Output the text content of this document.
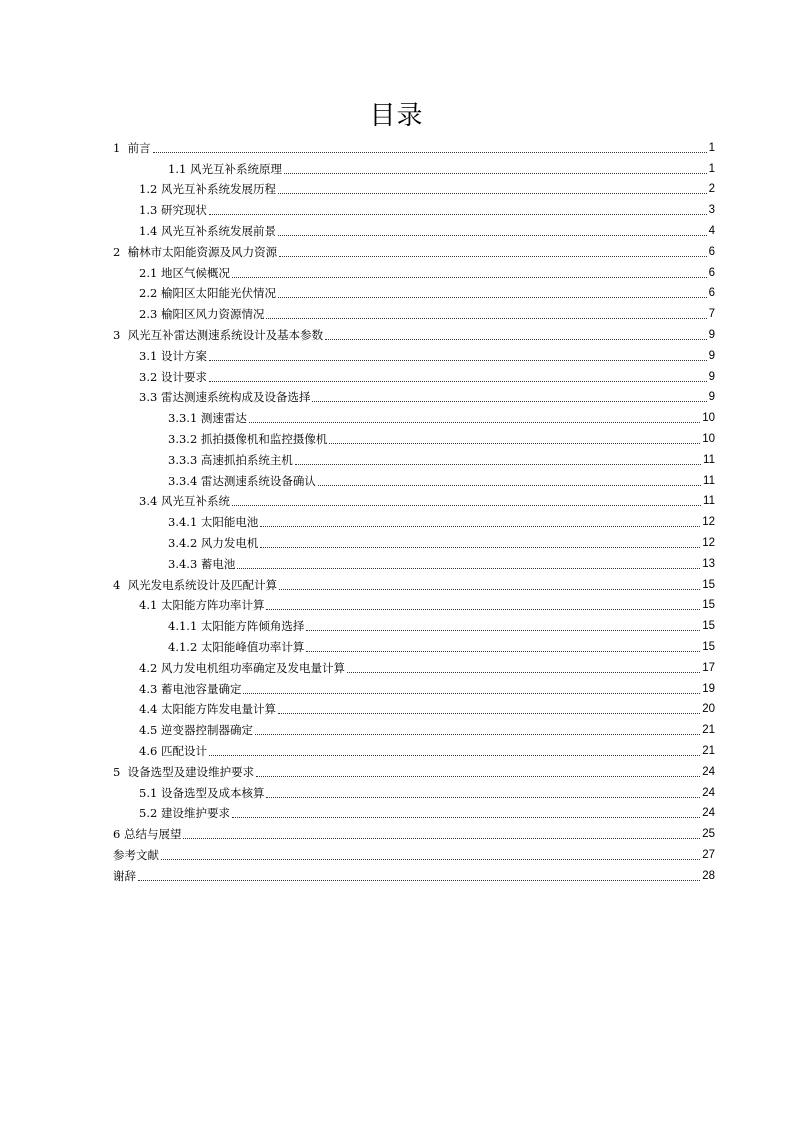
目录
1 前言	1
1.1 风光互补系统原理	1
1.2 风光互补系统发展历程	2
1.3 研究现状	3
1.4 风光互补系统发展前景	4
2 榆林市太阳能资源及风力资源	6
2.1 地区气候概况	6
2.2 榆阳区太阳能光伏情况	6
2.3 榆阳区风力资源情况	7
3 风光互补雷达测速系统设计及基本参数	9
3.1 设计方案	9
3.2 设计要求	9
3.3 雷达测速系统构成及设备选择	9
3.3.1 测速雷达	10
3.3.2 抓拍摄像机和监控摄像机	10
3.3.3 高速抓拍系统主机	11
3.3.4 雷达测速系统设备确认	11
3.4 风光互补系统	11
3.4.1 太阳能电池	12
3.4.2 风力发电机	12
3.4.3 蓄电池	13
4 风光发电系统设计及匹配计算	15
4.1 太阳能方阵功率计算	15
4.1.1 太阳能方阵倾角选择	15
4.1.2 太阳能峰值功率计算	15
4.2 风力发电机组功率确定及发电量计算	17
4.3 蓄电池容量确定	19
4.4 太阳能方阵发电量计算	20
4.5 逆变器控制器确定	21
4.6 匹配设计	21
5 设备选型及建设维护要求	24
5.1 设备选型及成本核算	24
5.2 建设维护要求	24
6 总结与展望	25
参考文献	27
谢辞	28
